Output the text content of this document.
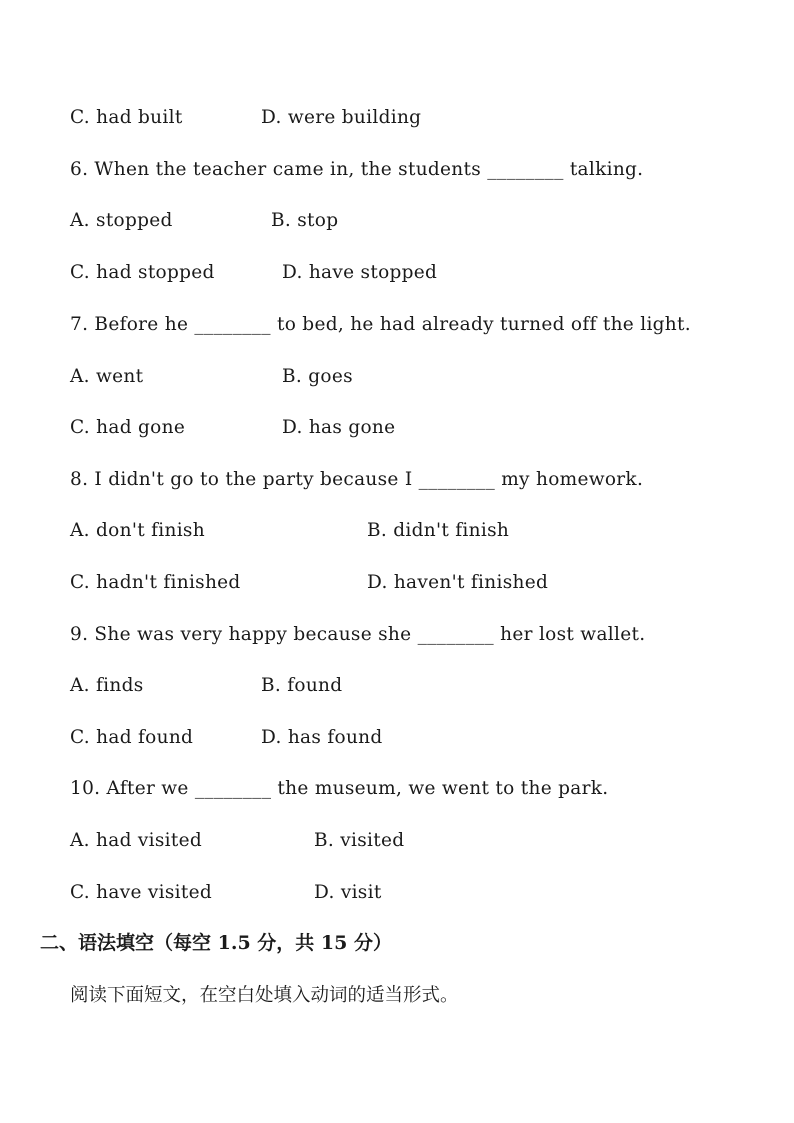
C. had built

	D. were building

6. When the teacher came in, the students ________ talking.

A. stopped

	B. stop

C. had stopped

	D. have stopped

7. Before he ________ to bed, he had already turned off the light.

A. went

	B. goes

C. had gone

	D. has gone

8. I didn't go to the party because I ________ my homework.

A. don't finish

	B. didn't finish

C. hadn't finished

	D. haven't finished

9. She was very happy because she ________ her lost wallet.

A. finds

	B. found

C. had found

	D. has found

10. After we ________ the museum, we went to the park.

A. had visited

	B. visited

C. have visited

	D. visit

二、语法填空（每空 1.5 分，共 15 分）
阅读下面短文，在空白处填入动词的适当形式。
